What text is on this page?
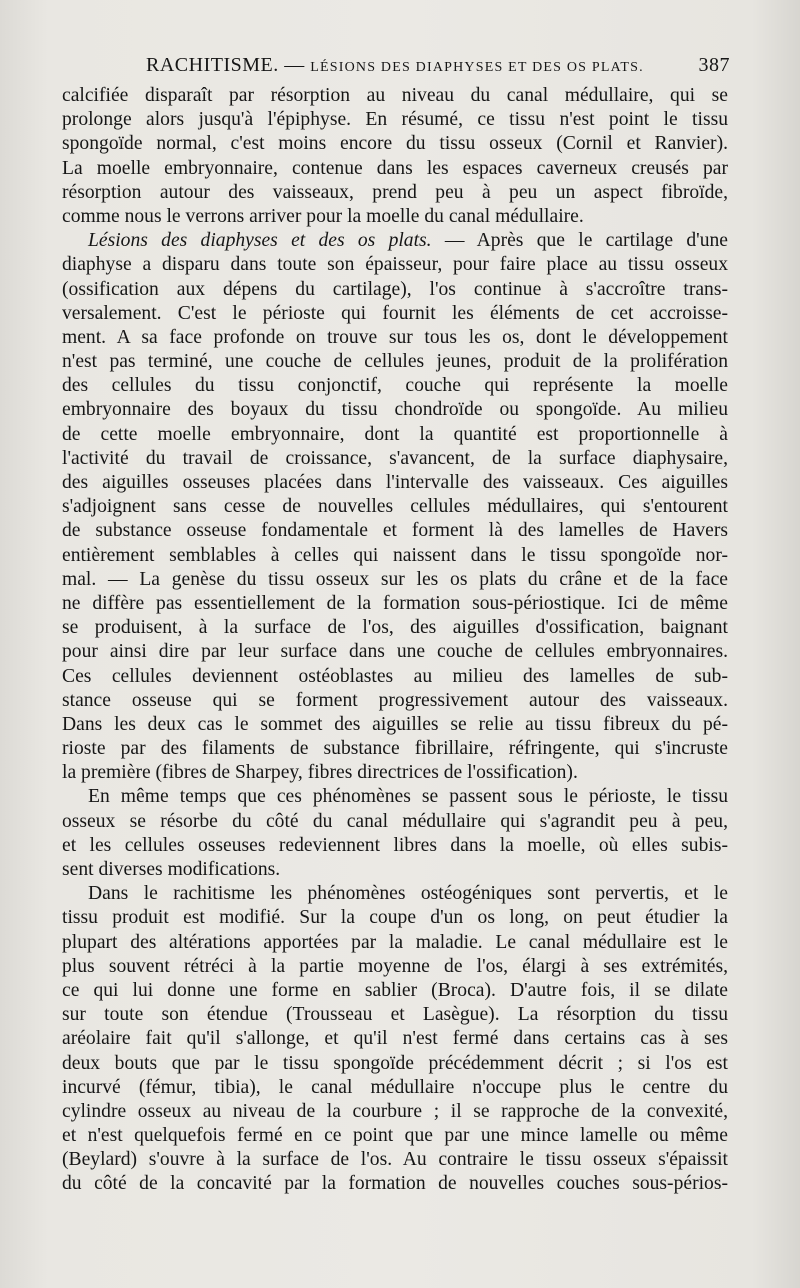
RACHITISME. — LÉSIONS DES DIAPHYSES ET DES OS PLATS.	387
calcifiée disparaît par résorption au niveau du canal médullaire, qui se
prolonge alors jusqu'à l'épiphyse. En résumé, ce tissu n'est point le tissu
spongoïde normal, c'est moins encore du tissu osseux (Cornil et Ranvier).
La moelle embryonnaire, contenue dans les espaces caverneux creusés par
résorption autour des vaisseaux, prend peu à peu un aspect fibroïde,
comme nous le verrons arriver pour la moelle du canal médullaire.
Lésions des diaphyses et des os plats. — Après que le cartilage d'une
diaphyse a disparu dans toute son épaisseur, pour faire place au tissu osseux
(ossification aux dépens du cartilage), l'os continue à s'accroître trans-
versalement. C'est le périoste qui fournit les éléments de cet accroisse-
ment. A sa face profonde on trouve sur tous les os, dont le développement
n'est pas terminé, une couche de cellules jeunes, produit de la prolifération
des cellules du tissu conjonctif, couche qui représente la moelle
embryonnaire des boyaux du tissu chondroïde ou spongoïde. Au milieu
de cette moelle embryonnaire, dont la quantité est proportionnelle à
l'activité du travail de croissance, s'avancent, de la surface diaphysaire,
des aiguilles osseuses placées dans l'intervalle des vaisseaux. Ces aiguilles
s'adjoignent sans cesse de nouvelles cellules médullaires, qui s'entourent
de substance osseuse fondamentale et forment là des lamelles de Havers
entièrement semblables à celles qui naissent dans le tissu spongoïde nor-
mal. — La genèse du tissu osseux sur les os plats du crâne et de la face
ne diffère pas essentiellement de la formation sous-périostique. Ici de même
se produisent, à la surface de l'os, des aiguilles d'ossification, baignant
pour ainsi dire par leur surface dans une couche de cellules embryonnaires.
Ces cellules deviennent ostéoblastes au milieu des lamelles de sub-
stance osseuse qui se forment progressivement autour des vaisseaux.
Dans les deux cas le sommet des aiguilles se relie au tissu fibreux du pé-
rioste par des filaments de substance fibrillaire, réfringente, qui s'incruste
la première (fibres de Sharpey, fibres directrices de l'ossification).
En même temps que ces phénomènes se passent sous le périoste, le tissu
osseux se résorbe du côté du canal médullaire qui s'agrandit peu à peu,
et les cellules osseuses redeviennent libres dans la moelle, où elles subis-
sent diverses modifications.
Dans le rachitisme les phénomènes ostéogéniques sont pervertis, et le
tissu produit est modifié. Sur la coupe d'un os long, on peut étudier la
plupart des altérations apportées par la maladie. Le canal médullaire est le
plus souvent rétréci à la partie moyenne de l'os, élargi à ses extrémités,
ce qui lui donne une forme en sablier (Broca). D'autre fois, il se dilate
sur toute son étendue (Trousseau et Lasègue). La résorption du tissu
aréolaire fait qu'il s'allonge, et qu'il n'est fermé dans certains cas à ses
deux bouts que par le tissu spongoïde précédemment décrit ; si l'os est
incurvé (fémur, tibia), le canal médullaire n'occupe plus le centre du
cylindre osseux au niveau de la courbure ; il se rapproche de la convexité,
et n'est quelquefois fermé en ce point que par une mince lamelle ou même
(Beylard) s'ouvre à la surface de l'os. Au contraire le tissu osseux s'épaissit
du côté de la concavité par la formation de nouvelles couches sous-périos-
